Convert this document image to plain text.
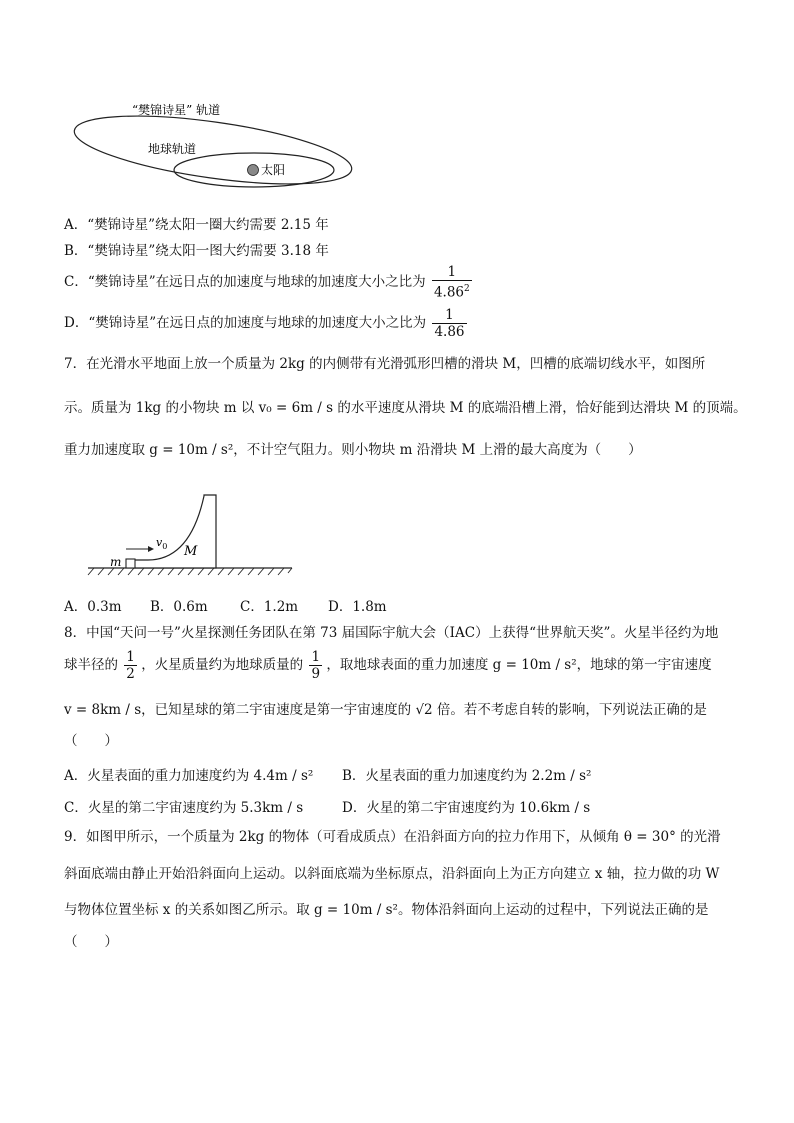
“樊锦诗星” 轨道
地球轨道
太阳
A．“樊锦诗星”绕太阳一圈大约需要 2.15 年
B．“樊锦诗星”绕太阳一图大约需要 3.18 年
C．“樊锦诗星”在远日点的加速度与地球的加速度大小之比为 $\frac{1}{4.86^2}$
D．“樊锦诗星”在远日点的加速度与地球的加速度大小之比为 $\frac{1}{4.86}$
7．在光滑水平地面上放一个质量为 2kg 的内侧带有光滑弧形凹槽的滑块 M，凹槽的底端切线水平，如图所
示。质量为 1kg 的小物块 m 以 v₀ = 6m / s 的水平速度从滑块 M 的底端沿槽上滑，恰好能到达滑块 M 的顶端。
重力加速度取 g = 10m / s²，不计空气阻力。则小物块 m 沿滑块 M 上滑的最大高度为（　　）
m
$v_0$ M
A．0.3m B．0.6m C．1.2m D．1.8m
8．中国“天问一号”火星探测任务团队在第 73 届国际宇航大会（IAC）上获得“世界航天奖”。火星半径约为地
球半径的 $\frac{1}{2}$ ，火星质量约为地球质量的 $\frac{1}{9}$ ，取地球表面的重力加速度 g = 10m / s²，地球的第一宇宙速度
v = 8km / s，已知星球的第二宇宙速度是第一宇宙速度的 √2 倍。若不考虑自转的影响，下列说法正确的是
（　　）
A．火星表面的重力加速度约为 4.4m / s² B．火星表面的重力加速度约为 2.2m / s²
C．火星的第二宇宙速度约为 5.3km / s	D．火星的第二宇宙速度约为 10.6km / s
9．如图甲所示，一个质量为 2kg 的物体（可看成质点）在沿斜面方向的拉力作用下，从倾角 θ = 30° 的光滑
斜面底端由静止开始沿斜面向上运动。以斜面底端为坐标原点，沿斜面向上为正方向建立 x 轴，拉力做的功 W
与物体位置坐标 x 的关系如图乙所示。取 g = 10m / s²。物体沿斜面向上运动的过程中，下列说法正确的是
（　　）
